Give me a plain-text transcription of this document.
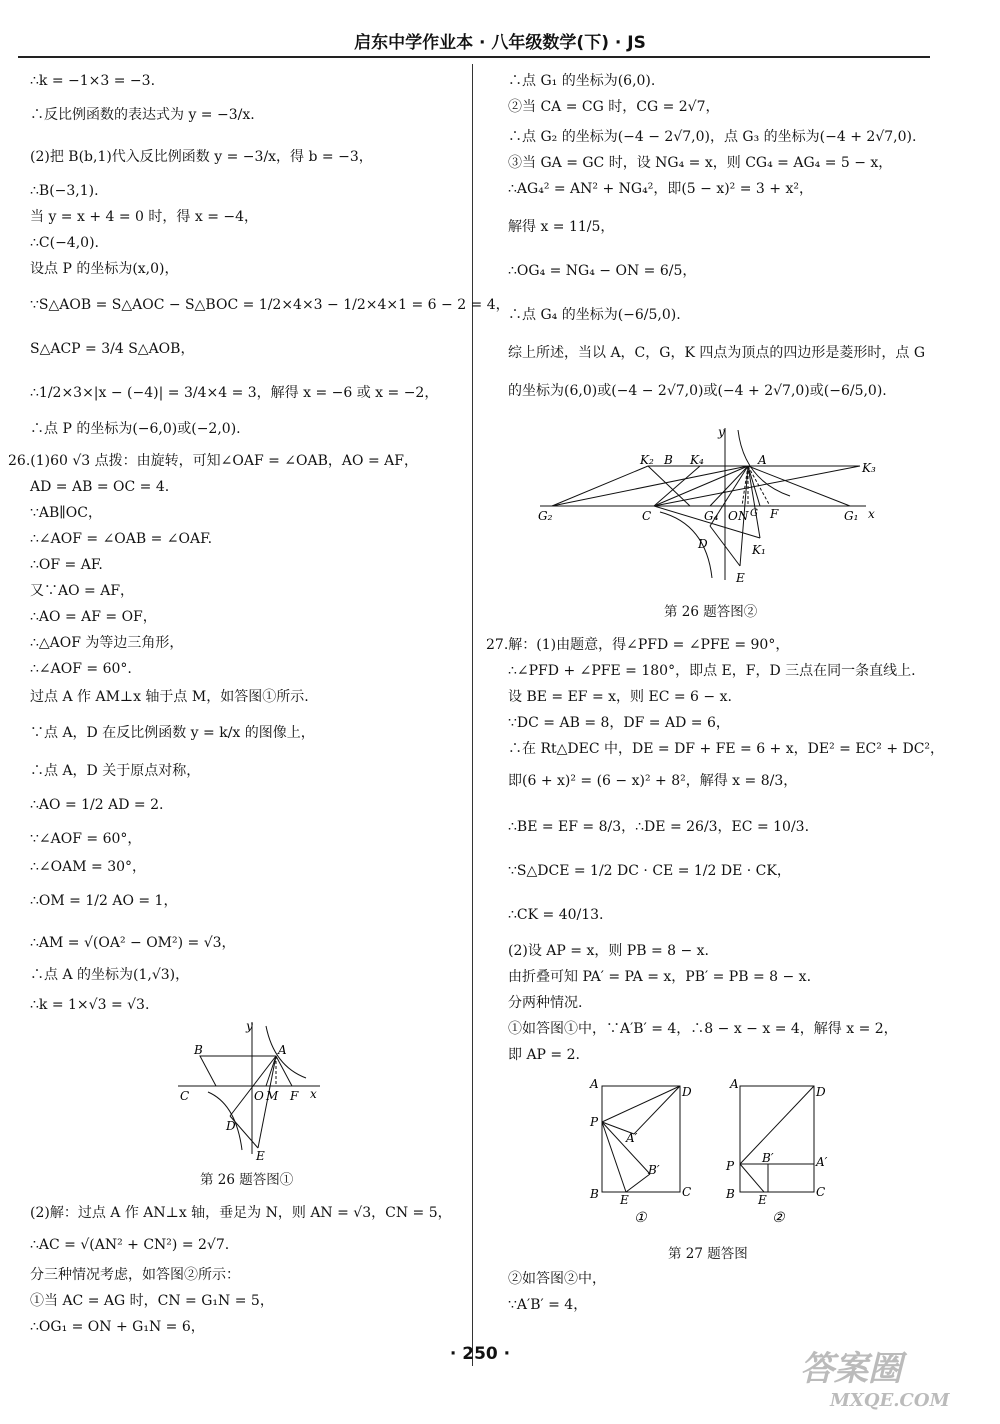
启东中学作业本 · 八年级数学(下) · JS
∴k = −1×3 = −3.
∴反比例函数的表达式为 y = −3/x.
(2)把 B(b,1)代入反比例函数 y = −3/x，得 b = −3，
∴B(−3,1).
当 y = x + 4 = 0 时，得 x = −4，
∴C(−4,0).
设点 P 的坐标为(x,0)，
∵S△AOB = S△AOC − S△BOC = 1/2×4×3 − 1/2×4×1 = 6 − 2 = 4，
S△ACP = 3/4 S△AOB，
∴1/2×3×|x − (−4)| = 3/4×4 = 3，解得 x = −6 或 x = −2，
∴点 P 的坐标为(−6,0)或(−2,0).
26.(1)60 √3 点拨：由旋转，可知∠OAF = ∠OAB，AO = AF，
AD = AB = OC = 4.
∵AB∥OC，
∴∠AOF = ∠OAB = ∠OAF.
∴OF = AF.
又∵AO = AF，
∴AO = AF = OF，
∴△AOF 为等边三角形，
∴∠AOF = 60°.
过点 A 作 AM⊥x 轴于点 M，如答图①所示.
∵点 A，D 在反比例函数 y = k/x 的图像上，
∴点 A，D 关于原点对称，
∴AO = 1/2 AD = 2.
∵∠AOF = 60°，
∴∠OAM = 30°，
∴OM = 1/2 AO = 1，
∴AM = √(OA² − OM²) = √3，
∴点 A 的坐标为(1,√3)，
∴k = 1×√3 = √3.
(2)解：过点 A 作 AN⊥x 轴，垂足为 N，则 AN = √3，CN = 5，
∴AC = √(AN² + CN²) = 2√7.
分三种情况考虑，如答图②所示：
①当 AC = AG 时，CN = G₁N = 5，
∴OG₁ = ON + G₁N = 6，
y
x
B	A
C	O M F
D
E
第 26 题答图①
∴点 G₁ 的坐标为(6,0).
②当 CA = CG 时，CG = 2√7，
∴点 G₂ 的坐标为(−4 − 2√7,0)，点 G₃ 的坐标为(−4 + 2√7,0).
③当 GA = GC 时，设 NG₄ = x，则 CG₄ = AG₄ = 5 − x，
∴AG₄² = AN² + NG₄²，即(5 − x)² = 3 + x²，
解得 x = 11/5，
∴OG₄ = NG₄ − ON = 6/5，
∴点 G₄ 的坐标为(−6/5,0).
综上所述，当以 A，C，G，K 四点为顶点的四边形是菱形时，点 G
的坐标为(6,0)或(−4 − 2√7,0)或(−4 + 2√7,0)或(−6/5,0).
27.解：(1)由题意，得∠PFD = ∠PFE = 90°，
∴∠PFD + ∠PFE = 180°，即点 E，F，D 三点在同一条直线上.
设 BE = EF = x，则 EC = 6 − x.
∵DC = AB = 8，DF = AD = 6，
∴在 Rt△DEC 中，DE = DF + FE = 6 + x，DE² = EC² + DC²，
即(6 + x)² = (6 − x)² + 8²，解得 x = 8/3，
∴BE = EF = 8/3，∴DE = 26/3，EC = 10/3.
∵S△DCE = 1/2 DC · CE = 1/2 DE · CK，
∴CK = 40/13.
(2)设 AP = x，则 PB = 8 − x.
由折叠可知 PA′ = PA = x，PB′ = PB = 8 − x.
分两种情况.
①如答图①中，∵A′B′ = 4，∴8 − x − x = 4，解得 x = 2，
即 AP = 2.
②如答图②中，
∵A′B′ = 4，
y
x
K₂ B K₄	A
K₃
G₂	C	G₄ O N G F	G₁
D	K₁
E
第 26 题答图②
A
D
P
A′
B′
B E
C
A
D
P
B′	A′
B E
C
①	②
第 27 题答图
· 250 ·	答案圈
MXQE.COM
